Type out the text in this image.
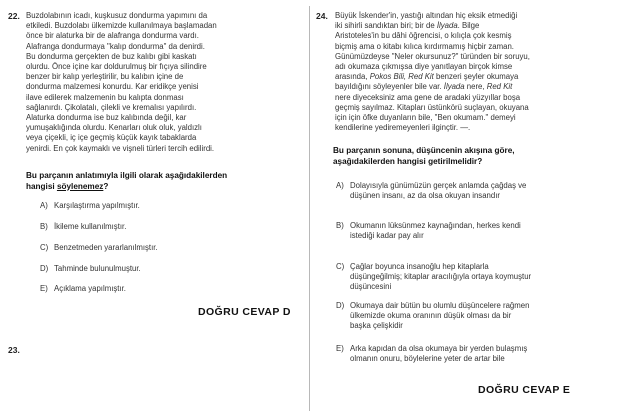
22. Buzdolabının icadı, kuşkusuz dondurma yapımını da
etkiledi. Buzdolabı ülkemizde kullanılmaya başlamadan
önce bir alaturka bir de alafranga dondurma vardı.
Alafranga dondurmaya "kalıp dondurma" da denirdi.
Bu dondurma gerçekten de buz kalıbı gibi kaskatı
olurdu. Önce içine kar doldurulmuş bir fıçıya silindire
benzer bir kalıp yerleştirilir, bu kalıbın içine de
dondurma malzemesi konurdu. Kar eridikçe yenisi
ilave edilerek malzemenin bu kalıpta donması
sağlanırdı. Çikolatalı, çilekli ve kremalısı yapılırdı.
Alaturka dondurma ise buz kalıbında değil, kar
yumuşaklığında olurdu. Kenarları oluk oluk, yaldızlı
veya çiçekli, iç içe geçmiş küçük kayık tabaklarda
yenirdi. En çok kaymaklı ve vişneli türleri tercih edilirdi.
Bu parçanın anlatımıyla ilgili olarak aşağıdakilerden
hangisi söylenemez?
A) Karşılaştırma yapılmıştır.
B) İkileme kullanılmıştır.
C) Benzetmeden yararlanılmıştır.
D) Tahminde bulunulmuştur.
E) Açıklama yapılmıştır.
DOĞRU CEVAP D
23.
24. Büyük İskender'in, yastığı altından hiç eksik etmediği
iki sihirli sandıktan biri; bir de İlyada. Bilge
Aristoteles'in bu dâhi öğrencisi, o kılıçla çok kesmiş
biçmiş ama o kitabı kılıca kırdırmamış hiçbir zaman.
Günümüzdeyse "Neler okursunuz?" türünden bir soruyu,
adı okumaza çıkmışsa diye yanıtlayan birçok kimse
arasında, Pokos Bili, Red Kit benzeri şeyler okumaya
bayıldığını söyleyenler bile var. İlyada nere, Red Kit
nere diyeceksiniz ama gene de aradaki yüzyıllar boşa
geçmiş sayılmaz. Kitapları üstünkörü suçlayan, okuyana
için için öfke duyanların bile, "Ben okumam." demeyi
kendilerine yediremeyenleri ilginçtir. —.
Bu parçanın sonuna, düşüncenin akışına göre,
aşağıdakilerden hangisi getirilmelidir?
A) Dolayısıyla günümüzün gerçek anlamda çağdaş ve
düşünen insanı, az da olsa okuyan insandır
B) Okumanın lüksünmez kaynağından, herkes kendi
istediği kadar pay alır
C) Çağlar boyunca insanoğlu hep kitaplarla
düşüngeğilmiş; kitaplar aracılığıyla ortaya koymuştur
düşüncesini
D) Okumaya dair bütün bu olumlu düşüncelere rağmen
ülkemizde okuma oranının düşük olması da bir
başka çelişkidir
E) Arka kapıdan da olsa okumaya bir yerden bulaşmış
olmanın onuru, böylelerine yeter de artar bile
DOĞRU CEVAP E
